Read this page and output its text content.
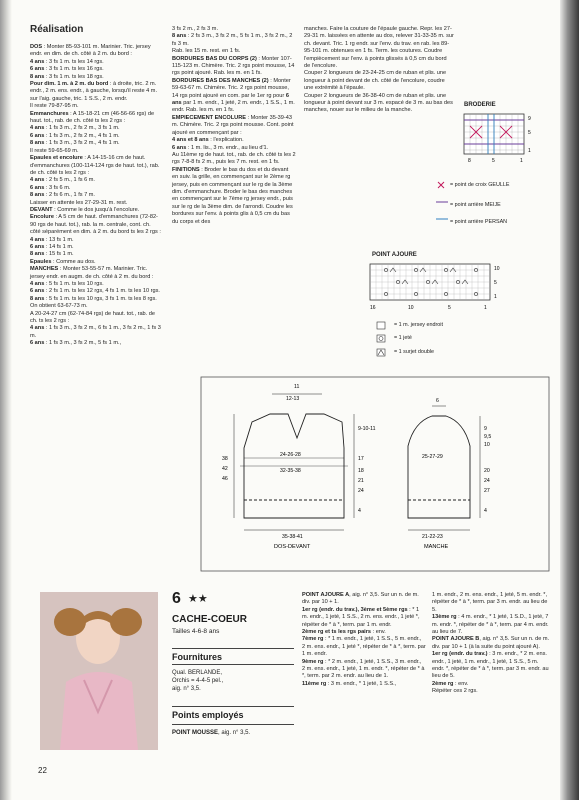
Réalisation

DOS : Monter 85-93-101 m. Marinier. Tric. jersey endr. en dim. de ch. côté à 2 m. du bord :

4 ans : 3 fs 1 m. ts les 14 rgs.

6 ans : 3 fs 1 m. ts les 16 rgs.

8 ans : 3 fs 1 m. ts les 18 rgs.

Pour dim. 1 m. à 2 m. du bord : à droite, tric. 2 m. endr., 2 m. ens. endr., à gauche, lorsqu'il reste 4 m. sur l'aig. gauche, tric. 1 S.S., 2 m. endr.

Il reste 79-87-95 m.

Emmanchures : A 15-18-21 cm (46-56-66 rgs) de haut. tot., rab. de ch. côté ts les 2 rgs :

4 ans : 1 fs 3 m., 2 fs 2 m., 3 fs 1 m.

6 ans : 1 fs 3 m., 2 fs 2 m., 4 fs 1 m.

8 ans : 1 fs 3 m., 3 fs 2 m., 4 fs 1 m.

Il reste 59-65-69 m.

Epaules et encolure : A 14-15-16 cm de haut. d'emmanchures (100-114-124 rgs de haut. tot.), rab. de ch. côté ts les 2 rgs :

4 ans : 2 fs 5 m., 1 fs 6 m.

6 ans : 3 fs 6 m.

8 ans : 2 fs 6 m., 1 fs 7 m.

Laisser en attente les 27-29-31 m. rest.

DEVANT : Comme le dos jusqu'à l'encolure.

Encolure : A 5 cm de haut. d'emmanchures (72-82-90 rgs de haut. tot.), rab. la m. centrale, cont. ch. côté séparément en dim. à 2 m. du bord ts les 2 rgs :

4 ans : 13 fs 1 m.

6 ans : 14 fs 1 m.

8 ans : 15 fs 1 m.

Epaules : Comme au dos.

MANCHES : Monter 53-55-57 m. Marinier. Tric. jersey endr. en augm. de ch. côté à 2 m. du bord :

4 ans : 5 fs 1 m. ts les 10 rgs.

6 ans : 2 fs 1 m. ts les 12 rgs, 4 fs 1 m. ts les 10 rgs.

8 ans : 5 fs 1 m. ts les 10 rgs, 3 fs 1 m. ts les 8 rgs.

On obtient 63-67-73 m.

A 20-24-27 cm (62-74-84 rgs) de haut. tot., rab. de ch. ts les 2 rgs :

4 ans : 1 fs 3 m., 3 fs 2 m., 6 fs 1 m., 3 fs 2 m., 1 fs 3 m.

6 ans : 1 fs 3 m., 3 fs 2 m., 5 fs 1 m.,

3 fs 2 m., 2 fs 3 m.

8 ans : 2 fs 3 m., 3 fs 2 m., 5 fs 1 m., 3 fs 2 m., 2 fs 3 m.

Rab. les 15 m. rest. en 1 fs.

BORDURES BAS DU CORPS (2) : Monter 107-115-123 m. Chimère. Tric. 2 rgs point mousse, 14 rgs point ajouré. Rab. les m. en 1 fs.

BORDURES BAS DES MANCHES (2) : Monter 59-63-67 m. Chimère. Tric. 2 rgs point mousse, 14 rgs point ajouré en com. par le 1er rg pour 6 ans par 1 m. endr., 1 jeté, 2 m. endr., 1 S.S., 1 m. endr. Rab. les m. en 1 fs.

EMPIECEMENT ENCOLURE : Monter 35-39-43 m. Chimère. Tric. 2 rgs point mousse. Cont. point ajouré en commençant par :

4 ans et 8 ans : l'explication.

6 ans : 1 m. lis., 3 m. endr., au lieu d'1.

Au 11ème rg de haut. tot., rab. de ch. côté ts les 2 rgs 7-8-8 fs 2 m., puis les 7 m. rest. en 1 fs.

FINITIONS : Broder le bas du dos et du devant en suiv. la grille, en commençant sur le 2ème rg jersey, puis en commençant sur le rg de la 3ème dim. d'emmanchure. Broder le bas des manches en commençant sur le 7ème rg jersey endr., puis sur le rg de la 3ème dim. de l'arrondi. Coudre les bordures sur l'env. à points glis à 0,5 cm du bas du corps et des

manches. Faire la couture de l'épaule gauche. Repr. les 27-29-31 m. laissées en attente au dos, relever 31-33-35 m. sur ch. devant. Tric. 1 rg endr. sur l'env. du trav. en rab. les 89-95-101 m. obtenues en 1 fs. Term. les coutures. Coudre l'empiècement sur l'env. à points glissés à 0,5 cm du bord de l'encolure.

Couper 2 longueurs de 23-24-25 cm de ruban et plis. une longueur à point devant de ch. côté de l'encolure, coudre une extrémité à l'épaule.

Couper 2 longueurs de 36-38-40 cm de ruban et plis. une longueur à point devant sur 3 m. espacé de 3 m. au bas des manches, nouer sur le milieu de la manche.

BRODERIE
9
5
1
8	5	1
= point de croix GEULLE
= point arrière MEIJE
= point arrière PERSAN
POINT AJOURE
10
5
1
16	10	5	1
= 1 m. jersey endroit
= 1 jeté
= 1 surjet double
11
12-13
9-10-11
24-26-28
32-35-38
38
42
46
17
18
21
24
4
35-38-41
DOS-DEVANT
6
9
9,5
10
25-27-29
20
24
27
4
21-22-23
MANCHE
6 ★★
CACHE-COEUR
Tailles 4-6-8 ans
Fournitures

Qual. BERLANDE,

Orchis = 4-4-5 pel.,

aig. n° 3,5.

Points employés
POINT MOUSSE, aig. n° 3,5.

POINT AJOURE A, aig. n° 3,5. Sur un n. de m. div. par 10 + 1.

1er rg (endr. du trav.), 3ème et 5ème rgs : * 1 m. endr., 1 jeté, 1 S.S., 2 m. ens. endr., 1 jeté *, répéter de * à *, term. par 1 m. endr.

2ème rg et ts les rgs pairs : env.

7ème rg : * 1 m. endr., 1 jeté, 1 S.S., 5 m. endr., 2 m. ens. endr., 1 jeté *, répéter de * à *, term. par 1 m. endr.

9ème rg : * 2 m. endr., 1 jeté, 1 S.S., 3 m. endr., 2 m. ens. endr., 1 jeté, 1 m. endr. *, répéter de * à *, term. par 2 m. endr. au lieu de 1.

11ème rg : 3 m. endr., * 1 jeté, 1 S.S.,

1 m. endr., 2 m. ens. endr., 1 jeté, 5 m. endr. *, répéter de * à *, term. par 3 m. endr. au lieu de 5.

13ème rg : 4 m. endr., * 1 jeté, 1 S.D., 1 jeté, 7 m. endr. *, répéter de * à *, term. par 4 m. endr. au lieu de 7.

POINT AJOURE B, aig. n° 3,5. Sur un n. de m. div. par 10 + 1 (à la suite du point ajouré A).

1er rg (endr. du trav.) : 3 m. endr., * 2 m. ens. endr., 1 jeté, 1 m. endr., 1 jeté, 1 S.S., 5 m. endr. *, répéter de * à *, term. par 3 m. endr. au lieu de 5.

2ème rg : env.

Répéter ces 2 rgs.

22
